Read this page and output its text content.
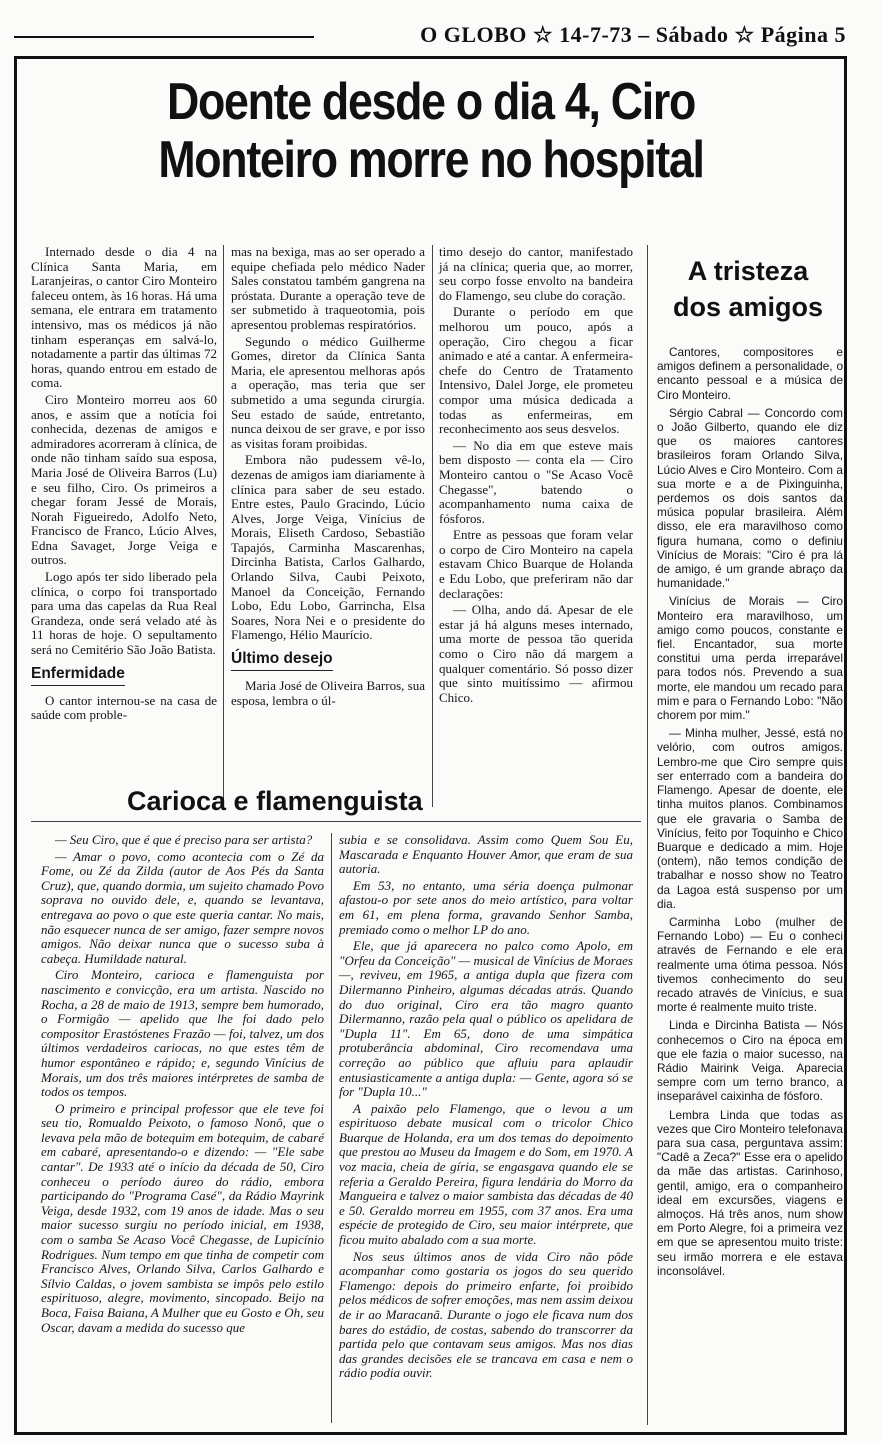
O GLOBO ☆ 14-7-73 – Sábado ☆ Página 5
Doente desde o dia 4, Ciro
Monteiro morre no hospital

Internado desde o dia 4 na Clínica Santa Maria, em Laranjeiras, o cantor Ciro Monteiro faleceu ontem, às 16 horas. Há uma semana, ele entrara em tratamento intensivo, mas os médicos já não tinham esperanças em salvá-lo, notadamente a partir das últimas 72 horas, quando entrou em estado de coma.

Ciro Monteiro morreu aos 60 anos, e assim que a notícia foi conhecida, dezenas de amigos e admiradores acorreram à clínica, de onde não tinham saído sua esposa, Maria José de Oliveira Barros (Lu) e seu filho, Ciro. Os primeiros a chegar foram Jessé de Morais, Norah Figueiredo, Adolfo Neto, Francisco de Franco, Lúcio Alves, Edna Savaget, Jorge Veiga e outros.

Logo após ter sido liberado pela clínica, o corpo foi transportado para uma das capelas da Rua Real Grandeza, onde será velado até às 11 horas de hoje. O sepultamento será no Cemitério São João Batista.

Enfermidade

O cantor internou-se na casa de saúde com proble-

mas na bexiga, mas ao ser operado a equipe chefiada pelo médico Nader Sales constatou também gangrena na próstata. Durante a operação teve de ser submetido à traqueotomia, pois apresentou problemas respiratórios.

Segundo o médico Guilherme Gomes, diretor da Clínica Santa Maria, ele apresentou melhoras após a operação, mas teria que ser submetido a uma segunda cirurgia. Seu estado de saúde, entretanto, nunca deixou de ser grave, e por isso as visitas foram proibidas.

Embora não pudessem vê-lo, dezenas de amigos iam diariamente à clínica para saber de seu estado. Entre estes, Paulo Gracindo, Lúcio Alves, Jorge Veiga, Vinícius de Morais, Eliseth Cardoso, Sebastião Tapajós, Carminha Mascarenhas, Dircinha Batista, Carlos Galhardo, Orlando Silva, Caubi Peixoto, Manoel da Conceição, Fernando Lobo, Edu Lobo, Garrincha, Elsa Soares, Nora Nei e o presidente do Flamengo, Hélio Maurício.

Último desejo

Maria José de Oliveira Barros, sua esposa, lembra o úl-

timo desejo do cantor, manifestado já na clínica; queria que, ao morrer, seu corpo fosse envolto na bandeira do Flamengo, seu clube do coração.

Durante o período em que melhorou um pouco, após a operação, Ciro chegou a ficar animado e até a cantar. A enfermeira-chefe do Centro de Tratamento Intensivo, Dalel Jorge, ele prometeu compor uma música dedicada a todas as enfermeiras, em reconhecimento aos seus desvelos.

— No dia em que esteve mais bem disposto — conta ela — Ciro Monteiro cantou o "Se Acaso Você Chegasse", batendo o acompanhamento numa caixa de fósforos.

Entre as pessoas que foram velar o corpo de Ciro Monteiro na capela estavam Chico Buarque de Holanda e Edu Lobo, que preferiram não dar declarações:

— Olha, ando dá. Apesar de ele estar já há alguns meses internado, uma morte de pessoa tão querida como o Ciro não dá margem a qualquer comentário. Só posso dizer que sinto muitíssimo — afirmou Chico.

A tristeza
dos amigos

Cantores, compositores e amigos definem a personalidade, o encanto pessoal e a música de Ciro Monteiro.

Sérgio Cabral — Concordo com o João Gilberto, quando ele diz que os maiores cantores brasileiros foram Orlando Silva, Lúcio Alves e Ciro Monteiro. Com a sua morte e a de Pixinguinha, perdemos os dois santos da música popular brasileira. Além disso, ele era maravilhoso como figura humana, como o definiu Vinícius de Morais: "Ciro é pra lá de amigo, é um grande abraço da humanidade."

Vinícius de Morais — Ciro Monteiro era maravilhoso, um amigo como poucos, constante e fiel. Encantador, sua morte constitui uma perda irreparável para todos nós. Prevendo a sua morte, ele mandou um recado para mim e para o Fernando Lobo: "Não chorem por mim."

— Minha mulher, Jessé, está no velório, com outros amigos. Lembro-me que Ciro sempre quis ser enterrado com a bandeira do Flamengo. Apesar de doente, ele tinha muitos planos. Combinamos que ele gravaria o Samba de Vinícius, feito por Toquinho e Chico Buarque e dedicado a mim. Hoje (ontem), não temos condição de trabalhar e nosso show no Teatro da Lagoa está suspenso por um dia.

Carminha Lobo (mulher de Fernando Lobo) — Eu o conheci através de Fernando e ele era realmente uma ótima pessoa. Nós tivemos conhecimento do seu recado através de Vinícius, e sua morte é realmente muito triste.

Linda e Dircinha Batista — Nós conhecemos o Ciro na época em que ele fazia o maior sucesso, na Rádio Mairink Veiga. Aparecia sempre com um terno branco, a inseparável caixinha de fósforo.

Lembra Linda que todas as vezes que Ciro Monteiro telefonava para sua casa, perguntava assim: "Cadê a Zeca?" Esse era o apelido da mãe das artistas. Carinhoso, gentil, amigo, era o companheiro ideal em excursões, viagens e almoços. Há três anos, num show em Porto Alegre, foi a primeira vez em que se apresentou muito triste: seu irmão morrera e ele estava inconsolável.

Carioca e flamenguista

— Seu Ciro, que é que é preciso para ser artista?

— Amar o povo, como acontecia com o Zé da Fome, ou Zé da Zilda (autor de Aos Pés da Santa Cruz), que, quando dormia, um sujeito chamado Povo soprava no ouvido dele, e, quando se levantava, entregava ao povo o que este queria cantar. No mais, não esquecer nunca de ser amigo, fazer sempre novos amigos. Não deixar nunca que o sucesso suba à cabeça. Humildade natural.

Ciro Monteiro, carioca e flamenguista por nascimento e convicção, era um artista. Nascido no Rocha, a 28 de maio de 1913, sempre bem humorado, o Formigão — apelido que lhe foi dado pelo compositor Erastóstenes Frazão — foi, talvez, um dos últimos verdadeiros cariocas, no que estes têm de humor espontâneo e rápido; e, segundo Vinícius de Morais, um dos três maiores intérpretes de samba de todos os tempos.

O primeiro e principal professor que ele teve foi seu tio, Romualdo Peixoto, o famoso Nonô, que o levava pela mão de botequim em botequim, de cabaré em cabaré, apresentando-o e dizendo: — "Ele sabe cantar". De 1933 até o início da década de 50, Ciro conheceu o período áureo do rádio, embora participando do "Programa Casé", da Rádio Mayrink Veiga, desde 1932, com 19 anos de idade. Mas o seu maior sucesso surgiu no período inicial, em 1938, com o samba Se Acaso Você Chegasse, de Lupicínio Rodrigues. Num tempo em que tinha de competir com Francisco Alves, Orlando Silva, Carlos Galhardo e Sílvio Caldas, o jovem sambista se impôs pelo estilo espirituoso, alegre, movimento, sincopado. Beijo na Boca, Faisa Baiana, A Mulher que eu Gosto e Oh, seu Oscar, davam a medida do sucesso que

subia e se consolidava. Assim como Quem Sou Eu, Mascarada e Enquanto Houver Amor, que eram de sua autoria.

Em 53, no entanto, uma séria doença pulmonar afastou-o por sete anos do meio artístico, para voltar em 61, em plena forma, gravando Senhor Samba, premiado como o melhor LP do ano.

Ele, que já aparecera no palco como Apolo, em "Orfeu da Conceição" — musical de Vinícius de Moraes —, reviveu, em 1965, a antiga dupla que fizera com Dilermanno Pinheiro, algumas décadas atrás. Quando do duo original, Ciro era tão magro quanto Dilermanno, razão pela qual o público os apelidara de "Dupla 11". Em 65, dono de uma simpática protuberância abdominal, Ciro recomendava uma correção ao público que afluiu para aplaudir entusiasticamente a antiga dupla: — Gente, agora só se for "Dupla 10..."

A paixão pelo Flamengo, que o levou a um espirituoso debate musical com o tricolor Chico Buarque de Holanda, era um dos temas do depoimento que prestou ao Museu da Imagem e do Som, em 1970. A voz macia, cheia de gíria, se engasgava quando ele se referia a Geraldo Pereira, figura lendária do Morro da Mangueira e talvez o maior sambista das décadas de 40 e 50. Geraldo morreu em 1955, com 37 anos. Era uma espécie de protegido de Ciro, seu maior intérprete, que ficou muito abalado com a sua morte.

Nos seus últimos anos de vida Ciro não pôde acompanhar como gostaria os jogos do seu querido Flamengo: depois do primeiro enfarte, foi proibido pelos médicos de sofrer emoções, mas nem assim deixou de ir ao Maracanã. Durante o jogo ele ficava num dos bares do estádio, de costas, sabendo do transcorrer da partida pelo que contavam seus amigos. Mas nos dias das grandes decisões ele se trancava em casa e nem o rádio podia ouvir.
